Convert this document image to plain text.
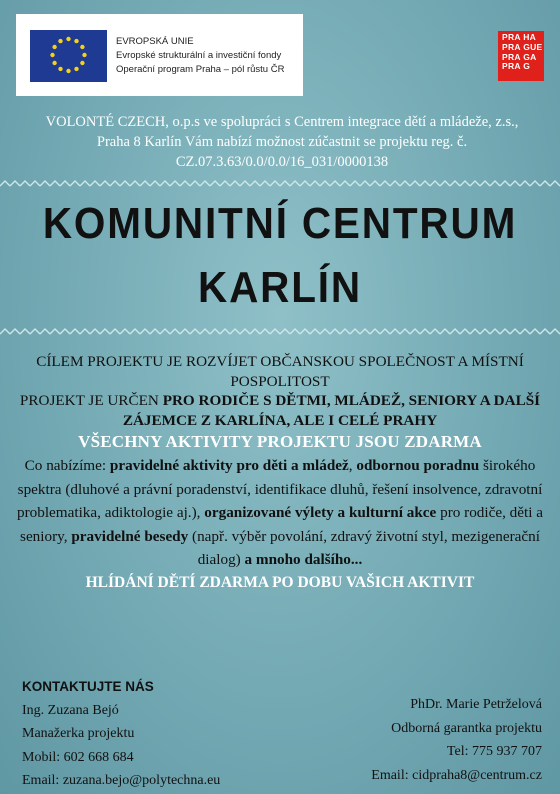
EVROPSKÁ UNIE
Evropské strukturální a investiční fondy
Operační program Praha – pól růstu ČR
PRA HA
PRA GUE
PRA GA
PRA G
VOLONTÉ CZECH, o.p.s ve spolupráci s Centrem integrace dětí a mládeže, z.s., Praha 8 Karlín Vám nabízí možnost zúčastnit se projektu reg. č. CZ.07.3.63/0.0/0.0/16_031/0000138
KOMUNITNÍ CENTRUM
KARLÍN

CÍLEM PROJEKTU JE ROZVÍJET OBČANSKOU SPOLEČNOST A MÍSTNÍ POSPOLITOST

PROJEKT JE URČEN PRO RODIČE S DĚTMI, MLÁDEŽ, SENIORY A DALŠÍ ZÁJEMCE Z KARLÍNA, ALE I CELÉ PRAHY

VŠECHNY AKTIVITY PROJEKTU JSOU ZDARMA

Co nabízíme: pravidelné aktivity pro děti a mládež, odbornou poradnu širokého spektra (dluhové a právní poradenství, identifikace dluhů, řešení insolvence, zdravotní problematika, adiktologie aj.), organizované výlety a kulturní akce pro rodiče, děti a seniory, pravidelné besedy (např. výběr povolání, zdravý životní styl, mezigenerační dialog) a mnoho dalšího...

HLÍDÁNÍ DĚTÍ ZDARMA PO DOBU VAŠICH AKTIVIT

KONTAKTUJTE NÁS
Ing. Zuzana Bejó
Manažerka projektu
Mobil: 602 668 684
Email: zuzana.bejo@polytechna.eu
PhDr. Marie Petrželová
Odborná garantka projektu
Tel: 775 937 707
Email: cidpraha8@centrum.cz
